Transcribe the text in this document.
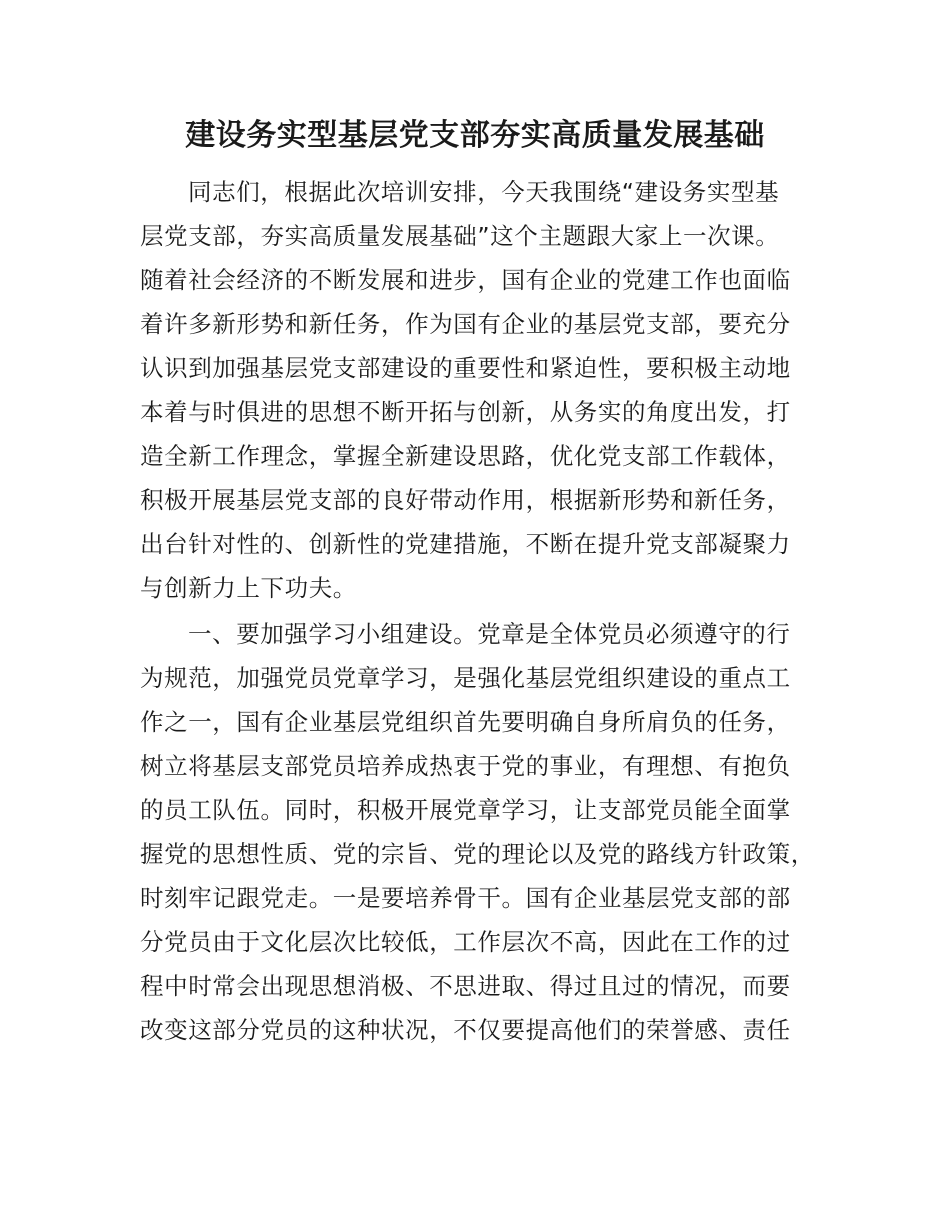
建设务实型基层党支部夯实高质量发展基础
同志们，根据此次培训安排，今天我围绕“建设务实型基
层党支部，夯实高质量发展基础”这个主题跟大家上一次课。
随着社会经济的不断发展和进步，国有企业的党建工作也面临
着许多新形势和新任务，作为国有企业的基层党支部，要充分
认识到加强基层党支部建设的重要性和紧迫性，要积极主动地
本着与时俱进的思想不断开拓与创新，从务实的角度出发，打
造全新工作理念，掌握全新建设思路，优化党支部工作载体，
积极开展基层党支部的良好带动作用，根据新形势和新任务，
出台针对性的、创新性的党建措施，不断在提升党支部凝聚力
与创新力上下功夫。
一、要加强学习小组建设。党章是全体党员必须遵守的行
为规范，加强党员党章学习，是强化基层党组织建设的重点工
作之一，国有企业基层党组织首先要明确自身所肩负的任务，
树立将基层支部党员培养成热衷于党的事业，有理想、有抱负
的员工队伍。同时，积极开展党章学习，让支部党员能全面掌
握党的思想性质、党的宗旨、党的理论以及党的路线方针政策，
时刻牢记跟党走。一是要培养骨干。国有企业基层党支部的部
分党员由于文化层次比较低，工作层次不高，因此在工作的过
程中时常会出现思想消极、不思进取、得过且过的情况，而要
改变这部分党员的这种状况，不仅要提高他们的荣誉感、责任
